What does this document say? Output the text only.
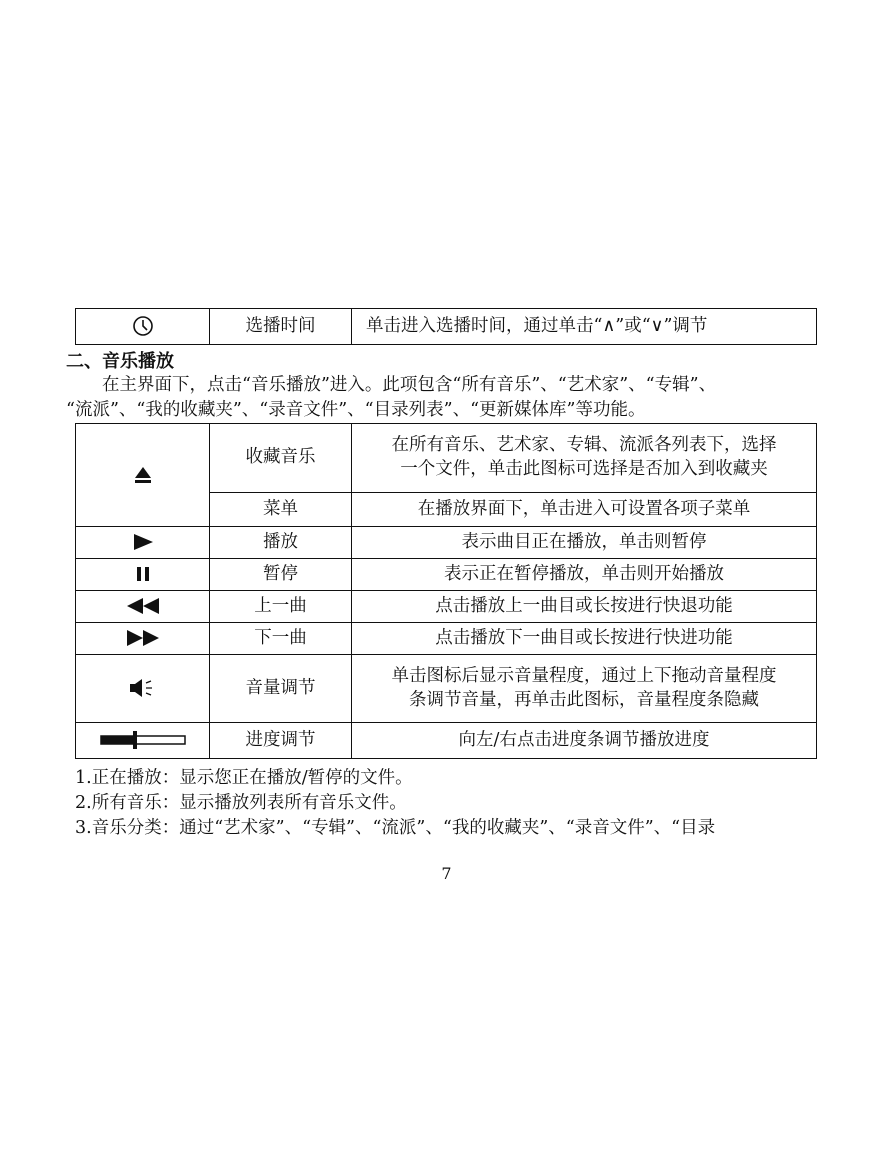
	选播时间	单击进入选播时间，通过单击“∧”或“∨”调节
二、音乐播放
在主界面下，点击“音乐播放”进入。此项包含“所有音乐”、“艺术家”、“专辑”、
“流派”、“我的收藏夹”、“录音文件”、“目录列表”、“更新媒体库”等功能。
	收藏音乐	在所有音乐、艺术家、专辑、流派各列表下，选择
一个文件，单击此图标可选择是否加入到收藏夹

	菜单	在播放界面下，单击进入可设置各项子菜单
	播放	表示曲目正在播放，单击则暂停
	暂停	表示正在暂停播放，单击则开始播放
	上一曲	点击播放上一曲目或长按进行快退功能
	下一曲	点击播放下一曲目或长按进行快进功能
	音量调节	单击图标后显示音量程度，通过上下拖动音量程度
条调节音量，再单击此图标，音量程度条隐藏

	进度调节	向左/右点击进度条调节播放进度
1.正在播放：显示您正在播放/暂停的文件。
2.所有音乐：显示播放列表所有音乐文件。
3.音乐分类：通过“艺术家”、“专辑”、“流派”、“我的收藏夹”、“录音文件”、“目录
7
